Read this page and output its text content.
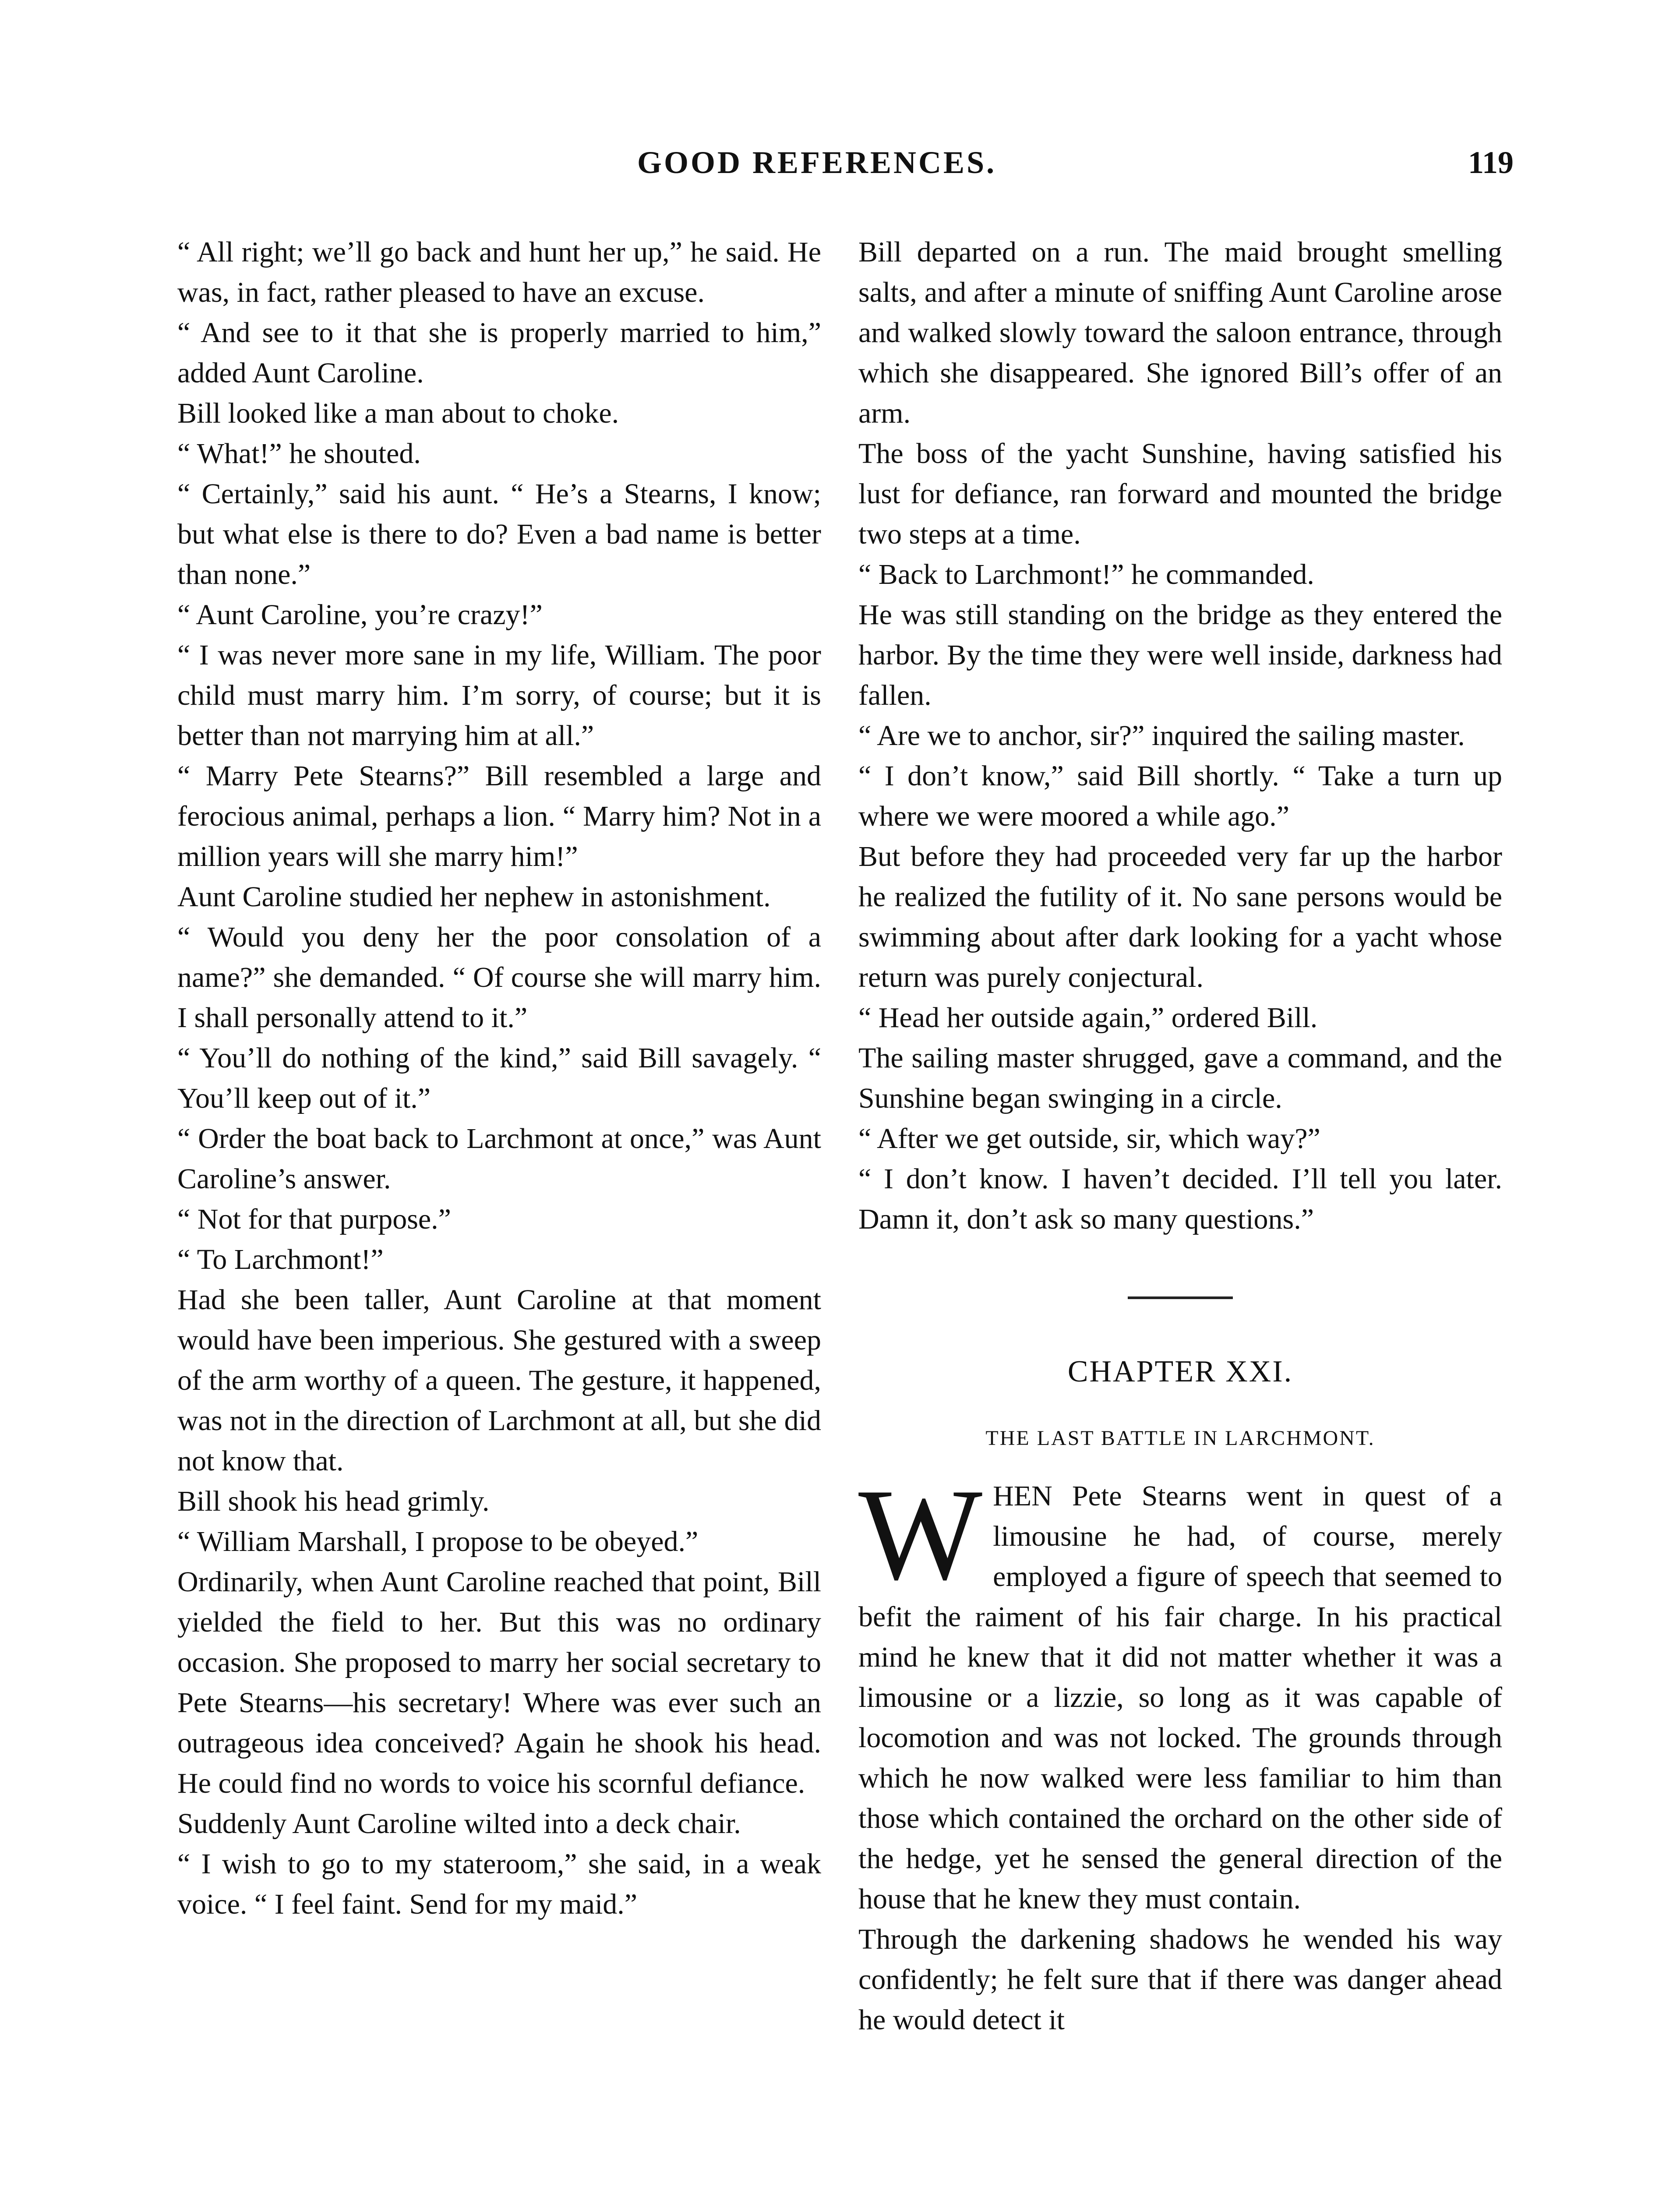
GOOD REFERENCES.	119

“ All right; we’ll go back and hunt her up,” he said. He was, in fact, rather pleased to have an excuse.

“ And see to it that she is properly married to him,” added Aunt Caroline.

Bill looked like a man about to choke.

“ What!” he shouted.

“ Certainly,” said his aunt. “ He’s a Stearns, I know; but what else is there to do? Even a bad name is better than none.”

“ Aunt Caroline, you’re crazy!”

“ I was never more sane in my life, William. The poor child must marry him. I’m sorry, of course; but it is better than not marrying him at all.”

“ Marry Pete Stearns?” Bill resembled a large and ferocious animal, perhaps a lion. “ Marry him? Not in a million years will she marry him!”

Aunt Caroline studied her nephew in astonishment.

“ Would you deny her the poor consolation of a name?” she demanded. “ Of course she will marry him. I shall personally attend to it.”

“ You’ll do nothing of the kind,” said Bill savagely. “ You’ll keep out of it.”

“ Order the boat back to Larchmont at once,” was Aunt Caroline’s answer.

“ Not for that purpose.”

“ To Larchmont!”

Had she been taller, Aunt Caroline at that moment would have been imperious. She gestured with a sweep of the arm worthy of a queen. The gesture, it happened, was not in the direction of Larchmont at all, but she did not know that.

Bill shook his head grimly.

“ William Marshall, I propose to be obeyed.”

Ordinarily, when Aunt Caroline reached that point, Bill yielded the field to her. But this was no ordinary occasion. She proposed to marry her social secretary to Pete Stearns—his secretary! Where was ever such an outrageous idea conceived? Again he shook his head. He could find no words to voice his scornful defiance.

Suddenly Aunt Caroline wilted into a deck chair.

“ I wish to go to my stateroom,” she said, in a weak voice. “ I feel faint. Send for my maid.”

Bill departed on a run. The maid brought smelling salts, and after a minute of sniffing Aunt Caroline arose and walked slowly toward the saloon entrance, through which she disappeared. She ignored Bill’s offer of an arm.

The boss of the yacht Sunshine, having satisfied his lust for defiance, ran forward and mounted the bridge two steps at a time.

“ Back to Larchmont!” he commanded.

He was still standing on the bridge as they entered the harbor. By the time they were well inside, darkness had fallen.

“ Are we to anchor, sir?” inquired the sailing master.

“ I don’t know,” said Bill shortly. “ Take a turn up where we were moored a while ago.”

But before they had proceeded very far up the harbor he realized the futility of it. No sane persons would be swimming about after dark looking for a yacht whose return was purely conjectural.

“ Head her outside again,” ordered Bill.

The sailing master shrugged, gave a command, and the Sunshine began swinging in a circle.

“ After we get outside, sir, which way?”

“ I don’t know. I haven’t decided. I’ll tell you later. Damn it, don’t ask so many questions.”

CHAPTER XXI.
THE LAST BATTLE IN LARCHMONT.

WHEN Pete Stearns went in quest of a limousine he had, of course, merely employed a figure of speech that seemed to befit the raiment of his fair charge. In his practical mind he knew that it did not matter whether it was a limousine or a lizzie, so long as it was capable of locomotion and was not locked. The grounds through which he now walked were less familiar to him than those which contained the orchard on the other side of the hedge, yet he sensed the general direction of the house that he knew they must contain.

Through the darkening shadows he wended his way confidently; he felt sure that if there was danger ahead he would detect it
